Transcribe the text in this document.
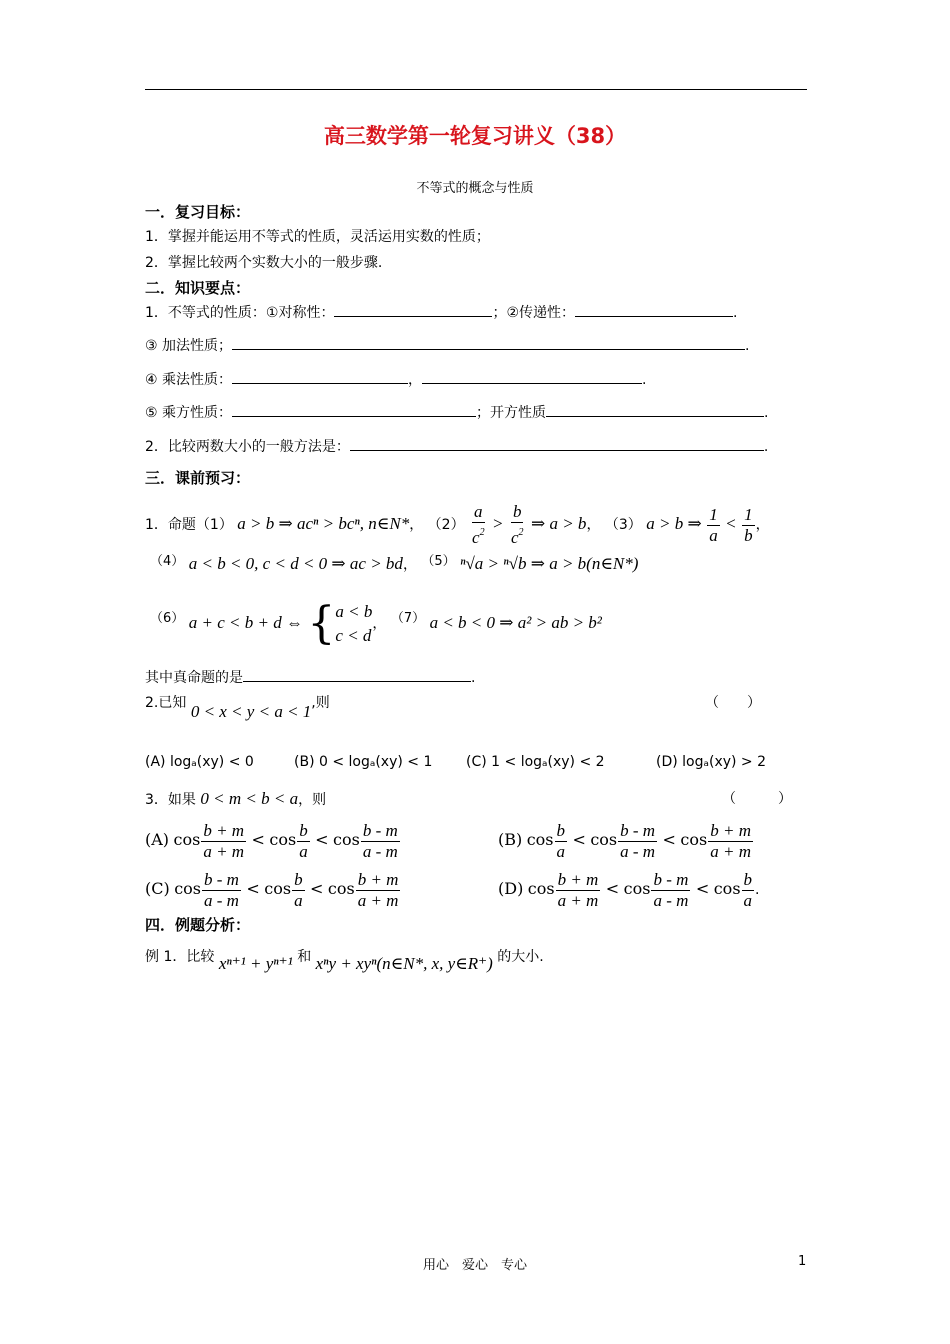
高三数学第一轮复习讲义（38）
不等式的概念与性质
一．复习目标：
1．掌握并能运用不等式的性质，灵活运用实数的性质；
2．掌握比较两个实数大小的一般步骤.
二．知识要点：
1．不等式的性质：①对称性：	；②传递性：	.
③ 加法性质；	.
④ 乘法性质：	，	.
⑤ 乘方性质：	；开方性质	.
2．比较两数大小的一般方法是：	.
三．课前预习：
1．命题（1） a > b ⇒ acⁿ > bcⁿ, n∈N*， $(2) \frac{a}{c^2} > \frac{b}{c^2}$ ⇒ a > b， （3） a > b ⇒ $\frac{1}{a} < \frac{1}{b}$ ，
（4） a < b < 0, c < d < 0 ⇒ ac > bd， （5） ⁿ√a > ⁿ√b ⇒ a > b(n∈N*)
（6） a + c < b + d ⇔ { a < b
c < d
， （7） a < b < 0 ⇒ a² > ab > b²
其中真命题的是	.
2.已知 0 < x < y < a < 1,则	（　　）
(A) logₐ(xy) < 0	(B) 0 < logₐ(xy) < 1 (C) 1 < logₐ(xy) < 2	(D) logₐ(xy) > 2
3．如果 0 < m < b < a，则	（　　　）
(A) $\cos \frac{b + m}{a + m} < \cos \frac{b}{a} < \cos \frac{b - m}{a - m}$	(B) $\cos \frac{b}{a} < \cos \frac{b - m}{a - m} < \cos \frac{b + m}{a + m}$
(C) $\cos \frac{b - m}{a - m} < \cos \frac{b}{a} < \cos \frac{b + m}{a + m}$	(D) $\cos \frac{b + m}{a + m} < \cos \frac{b - m}{a - m} < \cos \frac{b}{a}$ .
四．例题分析：
例 1．比较 xⁿ⁺¹ + yⁿ⁺¹ 和 xⁿy + xyⁿ(n∈N*, x, y∈R⁺) 的大小.
用心　爱心　专心	1
